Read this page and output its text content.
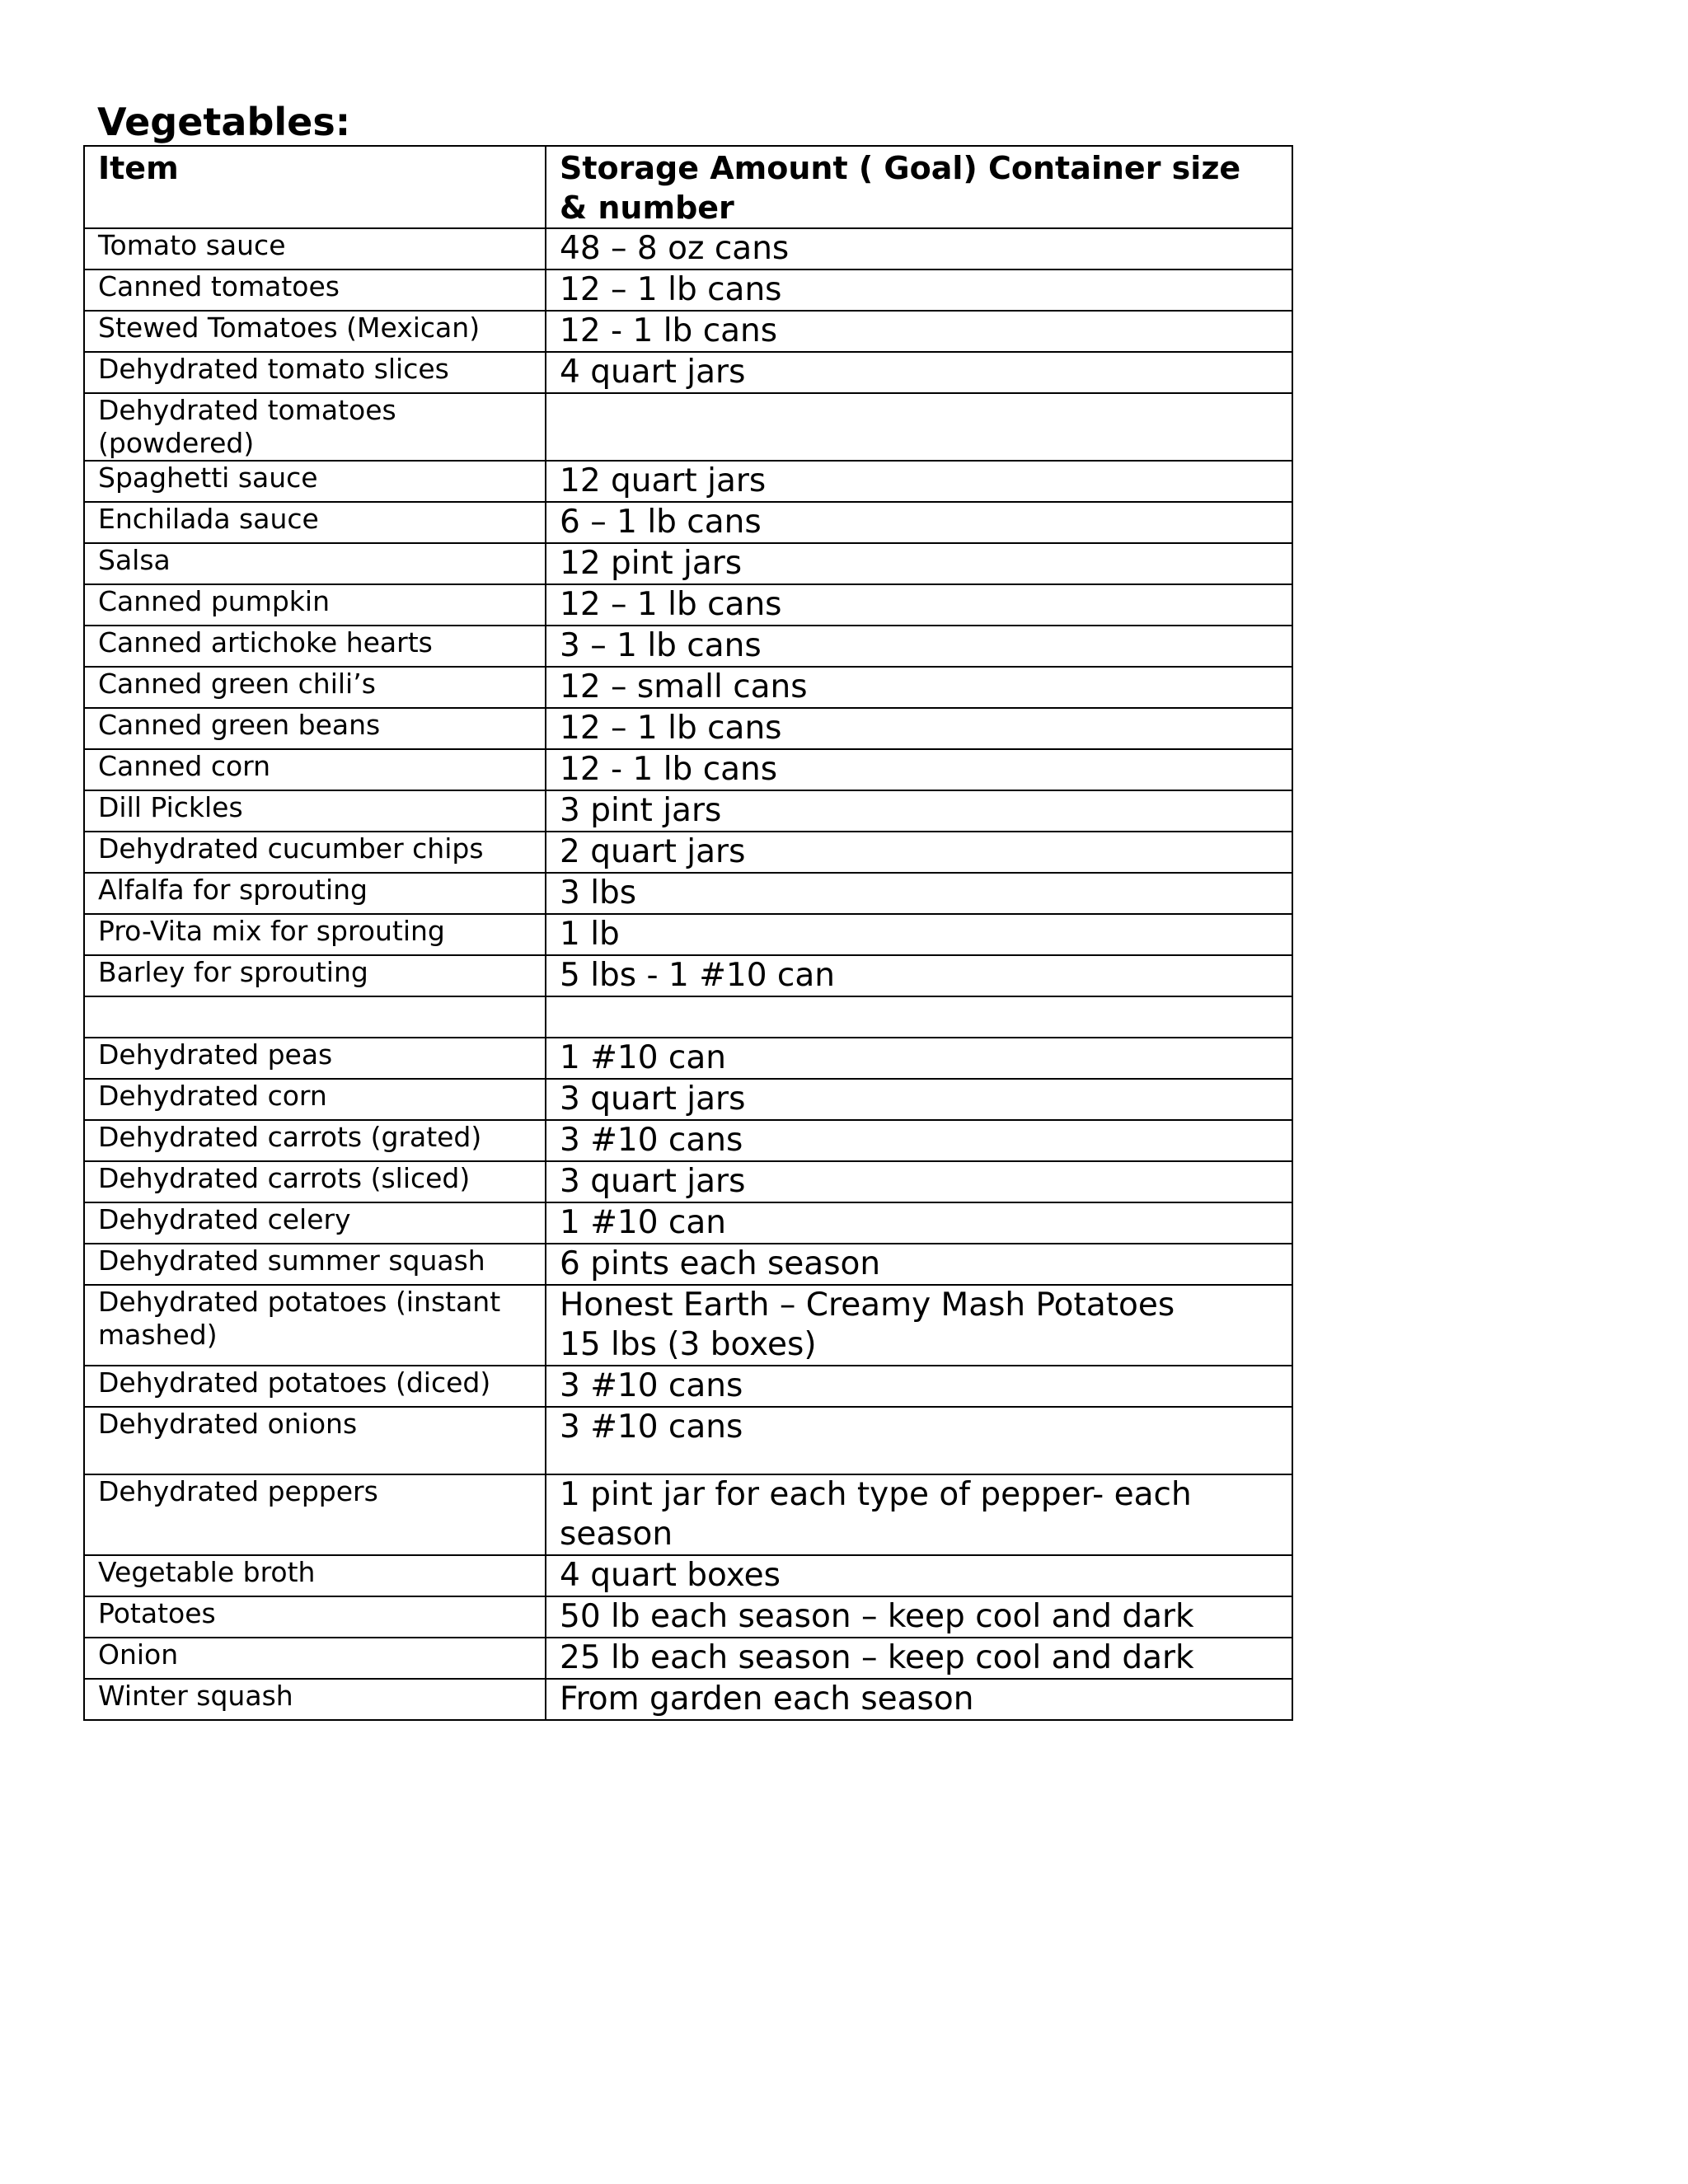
Vegetables:
Item	Storage Amount ( Goal) Container size & number
Tomato sauce	48 – 8 oz cans
Canned tomatoes	12 – 1 lb cans
Stewed Tomatoes (Mexican)	12 - 1 lb cans
Dehydrated tomato slices	4 quart jars
Dehydrated tomatoes (powdered)	
Spaghetti sauce	12 quart jars
Enchilada sauce	6 – 1 lb cans
Salsa	12 pint jars
Canned pumpkin	12 – 1 lb cans
Canned artichoke hearts	3 – 1 lb cans
Canned green chili’s	12 – small cans
Canned green beans	12 – 1 lb cans
Canned corn	12 - 1 lb cans
Dill Pickles	3 pint jars
Dehydrated cucumber chips	2 quart jars
Alfalfa for sprouting	3 lbs
Pro-Vita mix for sprouting	1 lb
Barley for sprouting	5 lbs - 1 #10 can

Dehydrated peas	1 #10 can
Dehydrated corn	3 quart jars
Dehydrated carrots (grated)	3 #10 cans
Dehydrated carrots (sliced)	3 quart jars
Dehydrated celery	1 #10 can
Dehydrated summer squash	6 pints each season
Dehydrated potatoes (instant mashed)	Honest Earth – Creamy Mash Potatoes
15 lbs (3 boxes)

Dehydrated potatoes (diced)	3 #10 cans
Dehydrated onions	3 #10 cans
Dehydrated peppers	1 pint jar for each type of pepper- each season
Vegetable broth	4 quart boxes
Potatoes	50 lb each season – keep cool and dark
Onion	25 lb each season – keep cool and dark
Winter squash	From garden each season
